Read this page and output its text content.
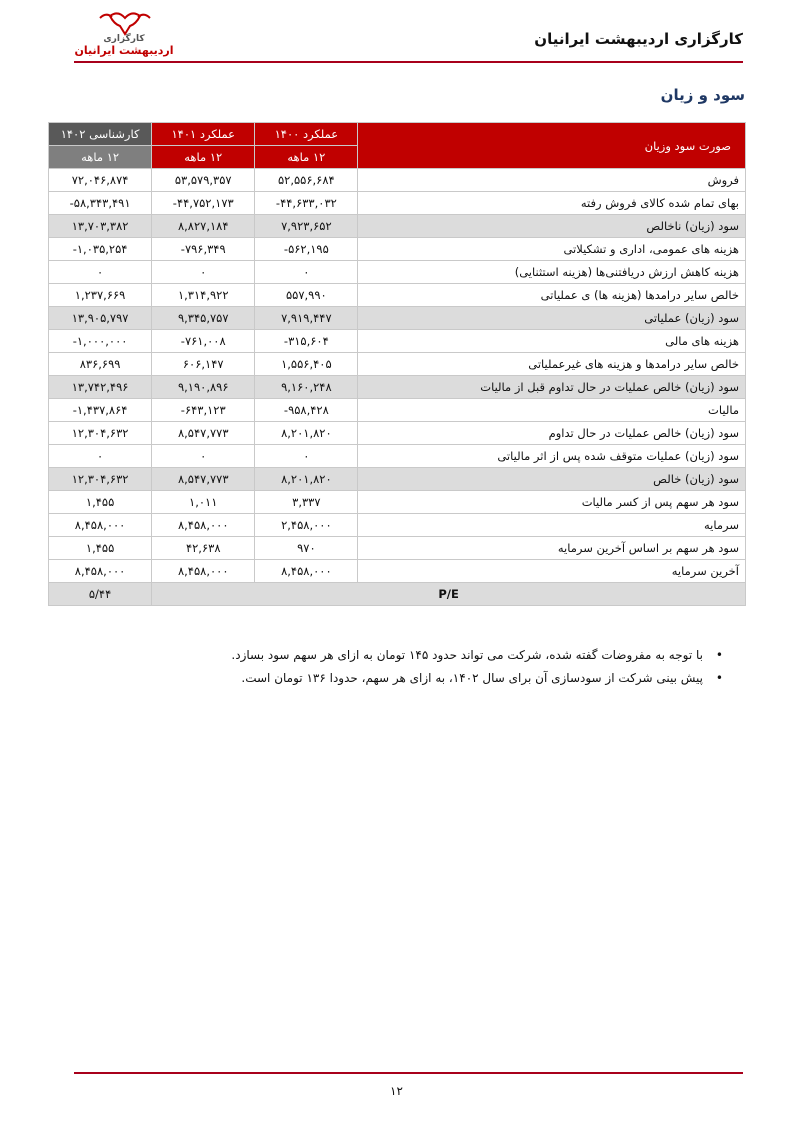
کارگزاری اردیبهشت ایرانیان
کارگزاری
اردیبهشت ایرانیان
سود و زیان
صورت سود وزیان	عملکرد ۱۴۰۰	عملکرد ۱۴۰۱	کارشناسی ۱۴۰۲
	۱۲ ماهه	۱۲ ماهه	۱۲ ماهه
فروش	۵۲,۵۵۶,۶۸۴	۵۳,۵۷۹,۳۵۷	۷۲,۰۴۶,۸۷۴
بهای تمام شده کالای فروش رفته	-۴۴,۶۳۳,۰۳۲	-۴۴,۷۵۲,۱۷۳	-۵۸,۳۴۳,۴۹۱
سود (زیان) ناخالص	۷,۹۲۳,۶۵۲	۸,۸۲۷,۱۸۴	۱۳,۷۰۳,۳۸۲
هزینه های عمومی، اداری و تشکیلاتی	-۵۶۲,۱۹۵	-۷۹۶,۳۴۹	-۱,۰۳۵,۲۵۴
هزینه کاهش ارزش دریافتنی‌ها (هزینه استثنایی)	۰	۰	۰
خالص سایر درامدها (هزینه ها) ی عملیاتی	۵۵۷,۹۹۰	۱,۳۱۴,۹۲۲	۱,۲۳۷,۶۶۹
سود (زیان) عملیاتی	۷,۹۱۹,۴۴۷	۹,۳۴۵,۷۵۷	۱۳,۹۰۵,۷۹۷
هزینه های مالی	-۳۱۵,۶۰۴	-۷۶۱,۰۰۸	-۱,۰۰۰,۰۰۰
خالص سایر درامدها و هزینه های غیرعملیاتی	۱,۵۵۶,۴۰۵	۶۰۶,۱۴۷	۸۳۶,۶۹۹
سود (زیان) خالص عملیات در حال تداوم قبل از مالیات	۹,۱۶۰,۲۴۸	۹,۱۹۰,۸۹۶	۱۳,۷۴۲,۴۹۶
مالیات	-۹۵۸,۴۲۸	-۶۴۳,۱۲۳	-۱,۴۳۷,۸۶۴
سود (زیان) خالص عملیات در حال تداوم	۸,۲۰۱,۸۲۰	۸,۵۴۷,۷۷۳	۱۲,۳۰۴,۶۳۲
سود (زیان) عملیات متوقف شده پس از اثر مالیاتی	۰	۰	۰
سود (زیان) خالص	۸,۲۰۱,۸۲۰	۸,۵۴۷,۷۷۳	۱۲,۳۰۴,۶۳۲
سود هر سهم پس از کسر مالیات	۳,۳۳۷	۱,۰۱۱	۱,۴۵۵
سرمایه	۲,۴۵۸,۰۰۰	۸,۴۵۸,۰۰۰	۸,۴۵۸,۰۰۰
سود هر سهم بر اساس آخرین سرمایه	۹۷۰	۴۲,۶۳۸	۱,۴۵۵
آخرین سرمایه	۸,۴۵۸,۰۰۰	۸,۴۵۸,۰۰۰	۸,۴۵۸,۰۰۰
P/E			۵/۴۴
•
با توجه به مفروضات گفته شده، شرکت می تواند حدود ۱۴۵ تومان به ازای هر سهم سود بسازد.
•
پیش بینی شرکت از سودسازی آن برای سال ۱۴۰۲، به ازای هر سهم، حدودا ۱۳۶ تومان است.
۱۲
